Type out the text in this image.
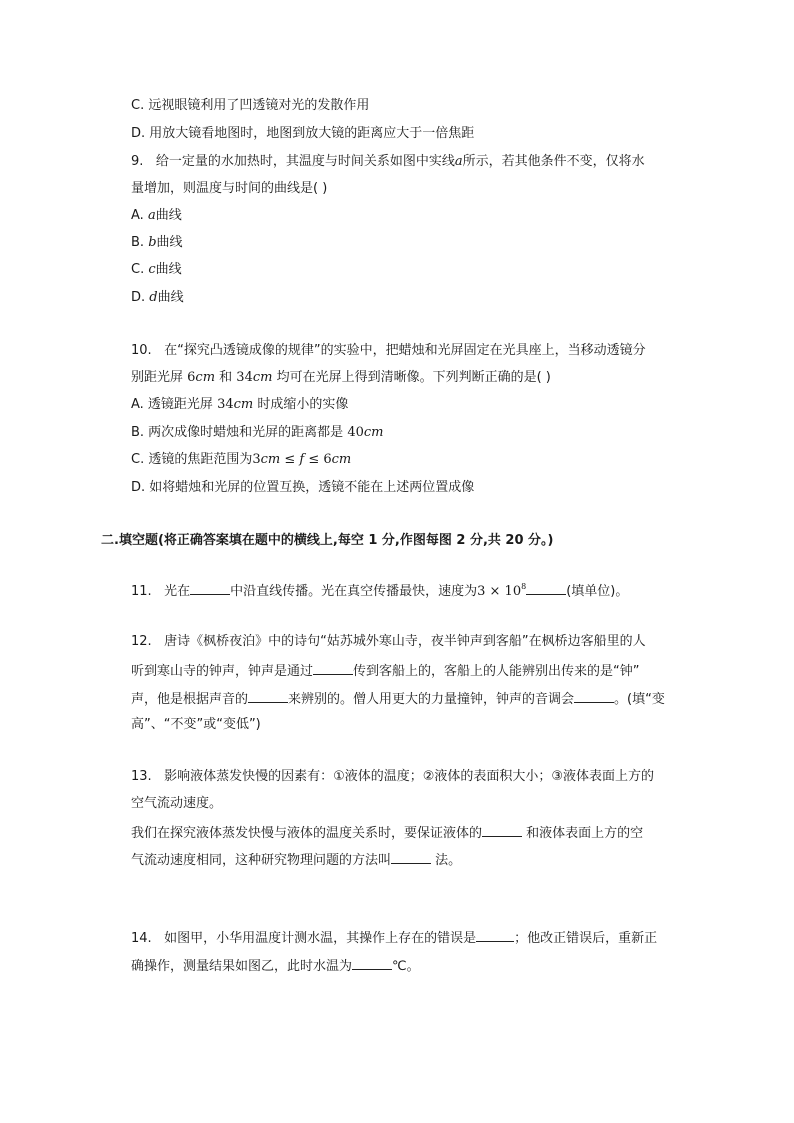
C. 远视眼镜利用了凹透镜对光的发散作用
D. 用放大镜看地图时，地图到放大镜的距离应大于一倍焦距
9. 给一定量的水加热时，其温度与时间关系如图中实线a所示，若其他条件不变，仅将水
量增加，则温度与时间的曲线是( )
A. a曲线
B. b曲线
C. c曲线
D. d曲线
10. 在“探究凸透镜成像的规律”的实验中，把蜡烛和光屏固定在光具座上，当移动透镜分
别距光屏 6cm 和 34cm 均可在光屏上得到清晰像。下列判断正确的是( )
A. 透镜距光屏 34cm 时成缩小的实像
B. 两次成像时蜡烛和光屏的距离都是 40cm
C. 透镜的焦距范围为3cm ≤ f ≤ 6cm
D. 如将蜡烛和光屏的位置互换，透镜不能在上述两位置成像
二.填空题(将正确答案填在题中的横线上,每空 1 分,作图每图 2 分,共 20 分。)
11. 光在	中沿直线传播。光在真空传播最快，速度为$3 \times 10^8$	(填单位)。
12. 唐诗《枫桥夜泊》中的诗句“姑苏城外寒山寺，夜半钟声到客船”在枫桥边客船里的人
听到寒山寺的钟声，钟声是通过	传到客船上的，客船上的人能辨别出传来的是“钟”
声，他是根据声音的	来辨别的。僧人用更大的力量撞钟，钟声的音调会	。(填“变
高”、“不变”或“变低”)
13. 影响液体蒸发快慢的因素有：①液体的温度；②液体的表面积大小；③液体表面上方的
空气流动速度。
我们在探究液体蒸发快慢与液体的温度关系时，要保证液体的	和液体表面上方的空
气流动速度相同，这种研究物理问题的方法叫	法。
14. 如图甲，小华用温度计测水温，其操作上存在的错误是	；他改正错误后，重新正
确操作，测量结果如图乙，此时水温为	℃。
